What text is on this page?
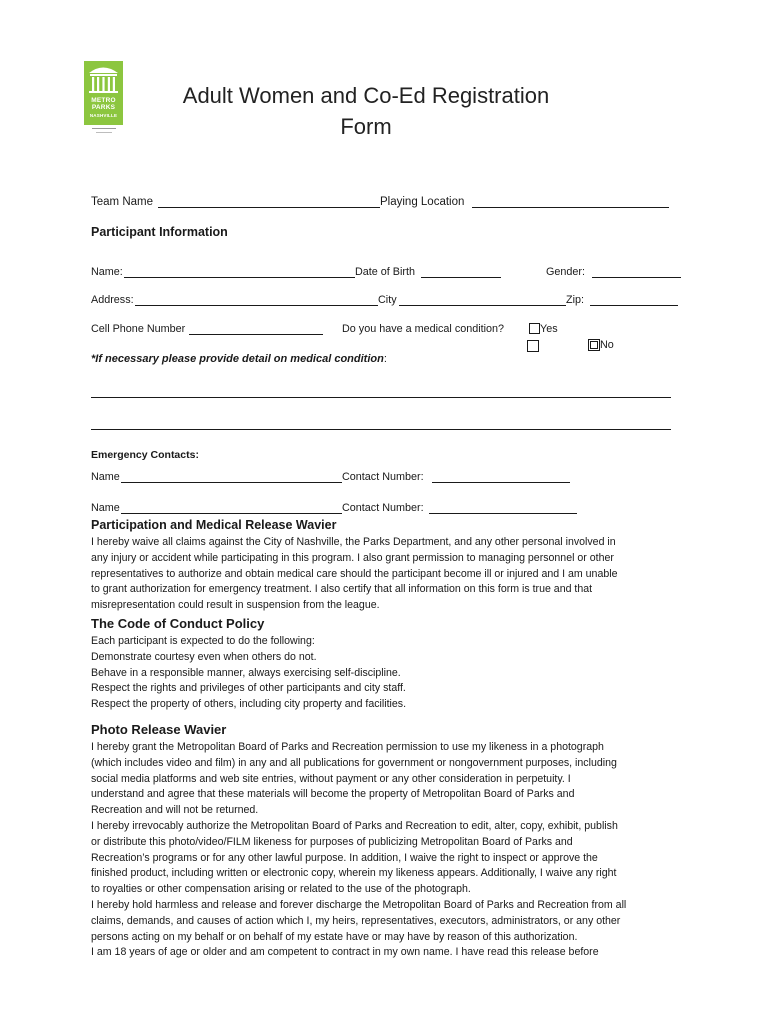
METRO
PARKS
NASHVILLE
Adult Women and Co-Ed Registration
Form
Team Name	Playing Location
Participant Information
Name:	Date of Birth	Gender:
Address:	City	Zip:
Cell Phone Number	Do you have a medical condition?	Yes
No
*If necessary please provide detail on medical condition:
Emergency Contacts:
Name	Contact Number:
Name	Contact Number:
Participation and Medical Release Wavier
I hereby waive all claims against the City of Nashville, the Parks Department, and any other personal involved in
any injury or accident while participating in this program. I also grant permission to managing personnel or other
representatives to authorize and obtain medical care should the participant become ill or injured and I am unable
to grant authorization for emergency treatment. I also certify that all information on this form is true and that
misrepresentation could result in suspension from the league.
The Code of Conduct Policy
Each participant is expected to do the following:
Demonstrate courtesy even when others do not.
Behave in a responsible manner, always exercising self-discipline.
Respect the rights and privileges of other participants and city staff.
Respect the property of others, including city property and facilities.
Photo Release Wavier
I hereby grant the Metropolitan Board of Parks and Recreation permission to use my likeness in a photograph
(which includes video and film) in any and all publications for government or nongovernment purposes, including
social media platforms and web site entries, without payment or any other consideration in perpetuity. I
understand and agree that these materials will become the property of Metropolitan Board of Parks and
Recreation and will not be returned.
I hereby irrevocably authorize the Metropolitan Board of Parks and Recreation to edit, alter, copy, exhibit, publish
or distribute this photo/video/FILM likeness for purposes of publicizing Metropolitan Board of Parks and
Recreation’s programs or for any other lawful purpose. In addition, I waive the right to inspect or approve the
finished product, including written or electronic copy, wherein my likeness appears. Additionally, I waive any right
to royalties or other compensation arising or related to the use of the photograph.
I hereby hold harmless and release and forever discharge the Metropolitan Board of Parks and Recreation from all
claims, demands, and causes of action which I, my heirs, representatives, executors, administrators, or any other
persons acting on my behalf or on behalf of my estate have or may have by reason of this authorization.
I am 18 years of age or older and am competent to contract in my own name. I have read this release before
